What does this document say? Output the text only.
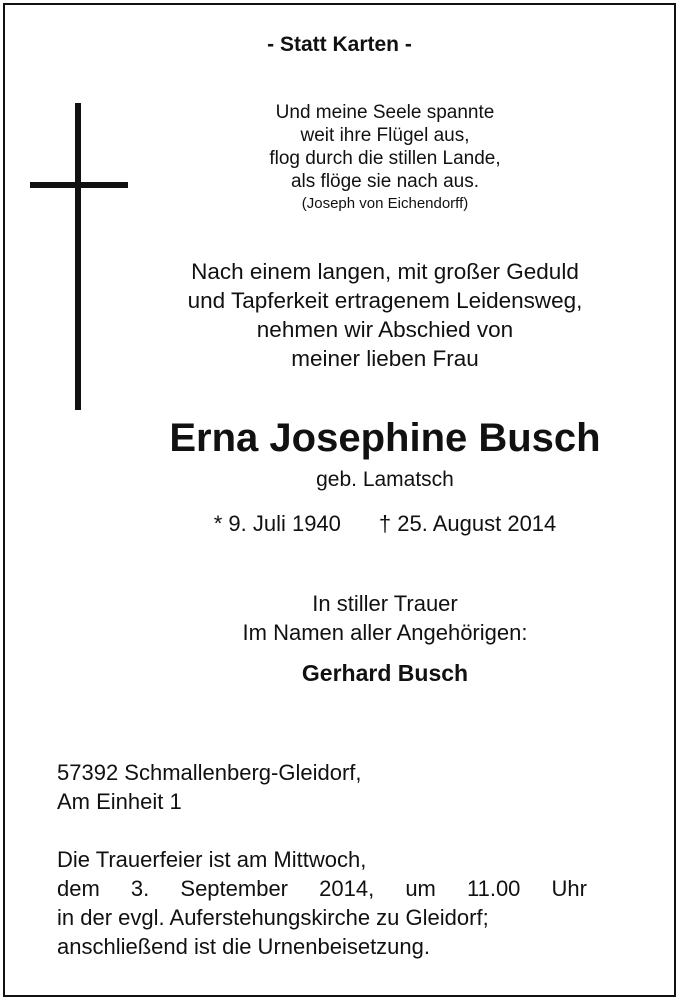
- Statt Karten -
Und meine Seele spannte
weit ihre Flügel aus,
flog durch die stillen Lande,
als flöge sie nach aus.
(Joseph von Eichendorff)
Nach einem langen, mit großer Geduld
und Tapferkeit ertragenem Leidensweg,
nehmen wir Abschied von
meiner lieben Frau
Erna Josephine Busch
geb. Lamatsch
* 9. Juli 1940 † 25. August 2014
In stiller Trauer
Im Namen aller Angehörigen:
Gerhard Busch
57392 Schmallenberg-Gleidorf,
Am Einheit 1
Die Trauerfeier ist am Mittwoch,
dem 3. September 2014, um 11.00 Uhr
in der evgl. Auferstehungskirche zu Gleidorf;
anschließend ist die Urnenbeisetzung.
